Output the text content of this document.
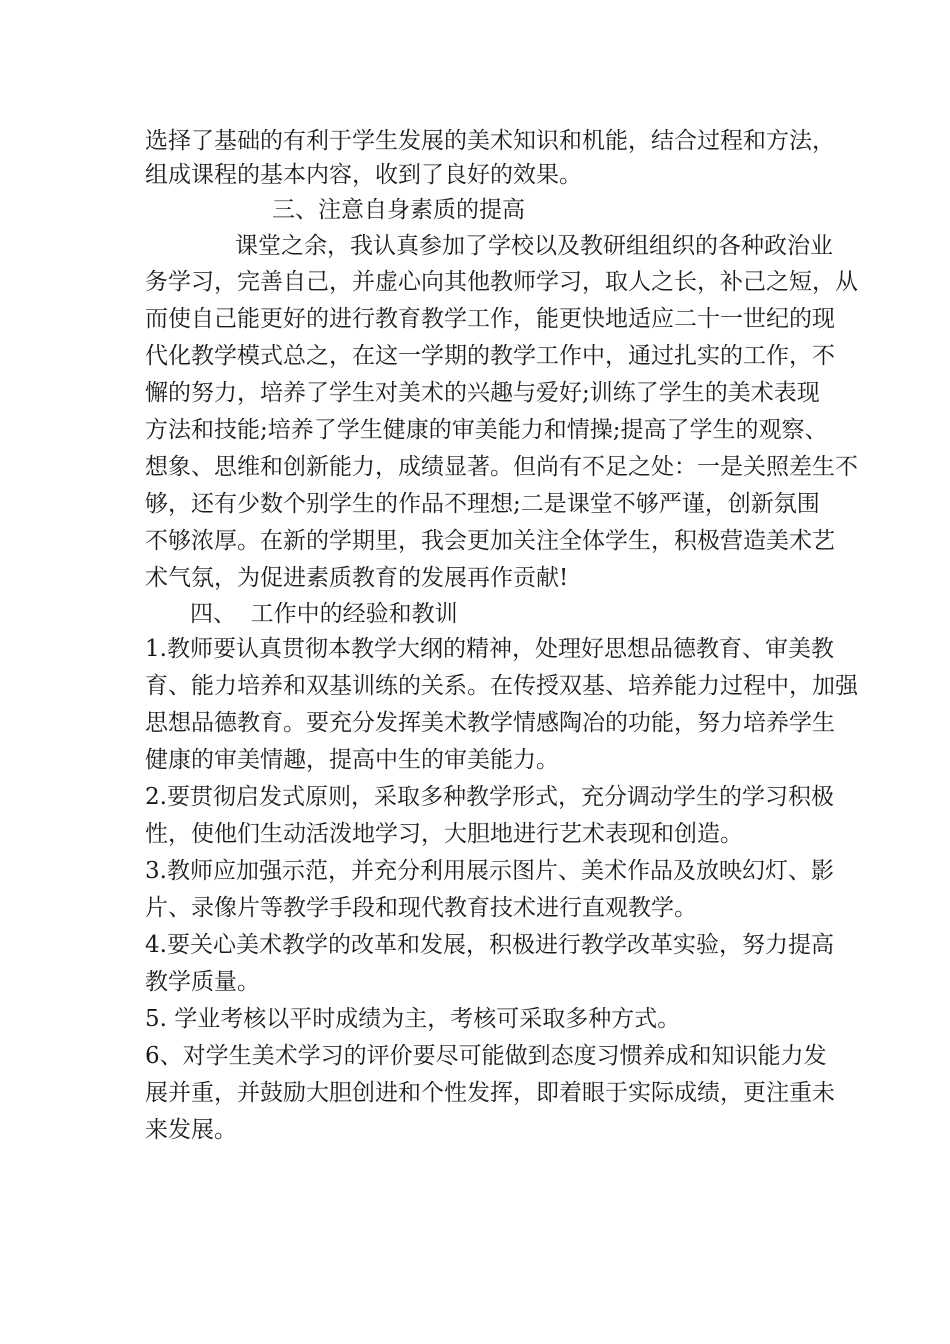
选择了基础的有利于学生发展的美术知识和机能，结合过程和方法，
组成课程的基本内容，收到了良好的效果。
三、注意自身素质的提高
课堂之余，我认真参加了学校以及教研组组织的各种政治业
务学习，完善自己，并虚心向其他教师学习，取人之长，补己之短，从
而使自己能更好的进行教育教学工作，能更快地适应二十一世纪的现
代化教学模式总之，在这一学期的教学工作中，通过扎实的工作，不
懈的努力，培养了学生对美术的兴趣与爱好;训练了学生的美术表现
方法和技能;培养了学生健康的审美能力和情操;提高了学生的观察、
想象、思维和创新能力，成绩显著。但尚有不足之处：一是关照差生不
够，还有少数个别学生的作品不理想;二是课堂不够严谨，创新氛围
不够浓厚。在新的学期里，我会更加关注全体学生，积极营造美术艺
术气氛，为促进素质教育的发展再作贡献!
四、  工作中的经验和教训
1.教师要认真贯彻本教学大纲的精神，处理好思想品德教育、审美教
育、能力培养和双基训练的关系。在传授双基、培养能力过程中，加强
思想品德教育。要充分发挥美术教学情感陶冶的功能，努力培养学生
健康的审美情趣，提高中生的审美能力。
2.要贯彻启发式原则，采取多种教学形式，充分调动学生的学习积极
性，使他们生动活泼地学习，大胆地进行艺术表现和创造。
3.教师应加强示范，并充分利用展示图片、美术作品及放映幻灯、影
片、录像片等教学手段和现代教育技术进行直观教学。
4.要关心美术教学的改革和发展，积极进行教学改革实验，努力提高
教学质量。
5. 学业考核以平时成绩为主，考核可采取多种方式。
6、对学生美术学习的评价要尽可能做到态度习惯养成和知识能力发
展并重，并鼓励大胆创进和个性发挥，即着眼于实际成绩，更注重未
来发展。
